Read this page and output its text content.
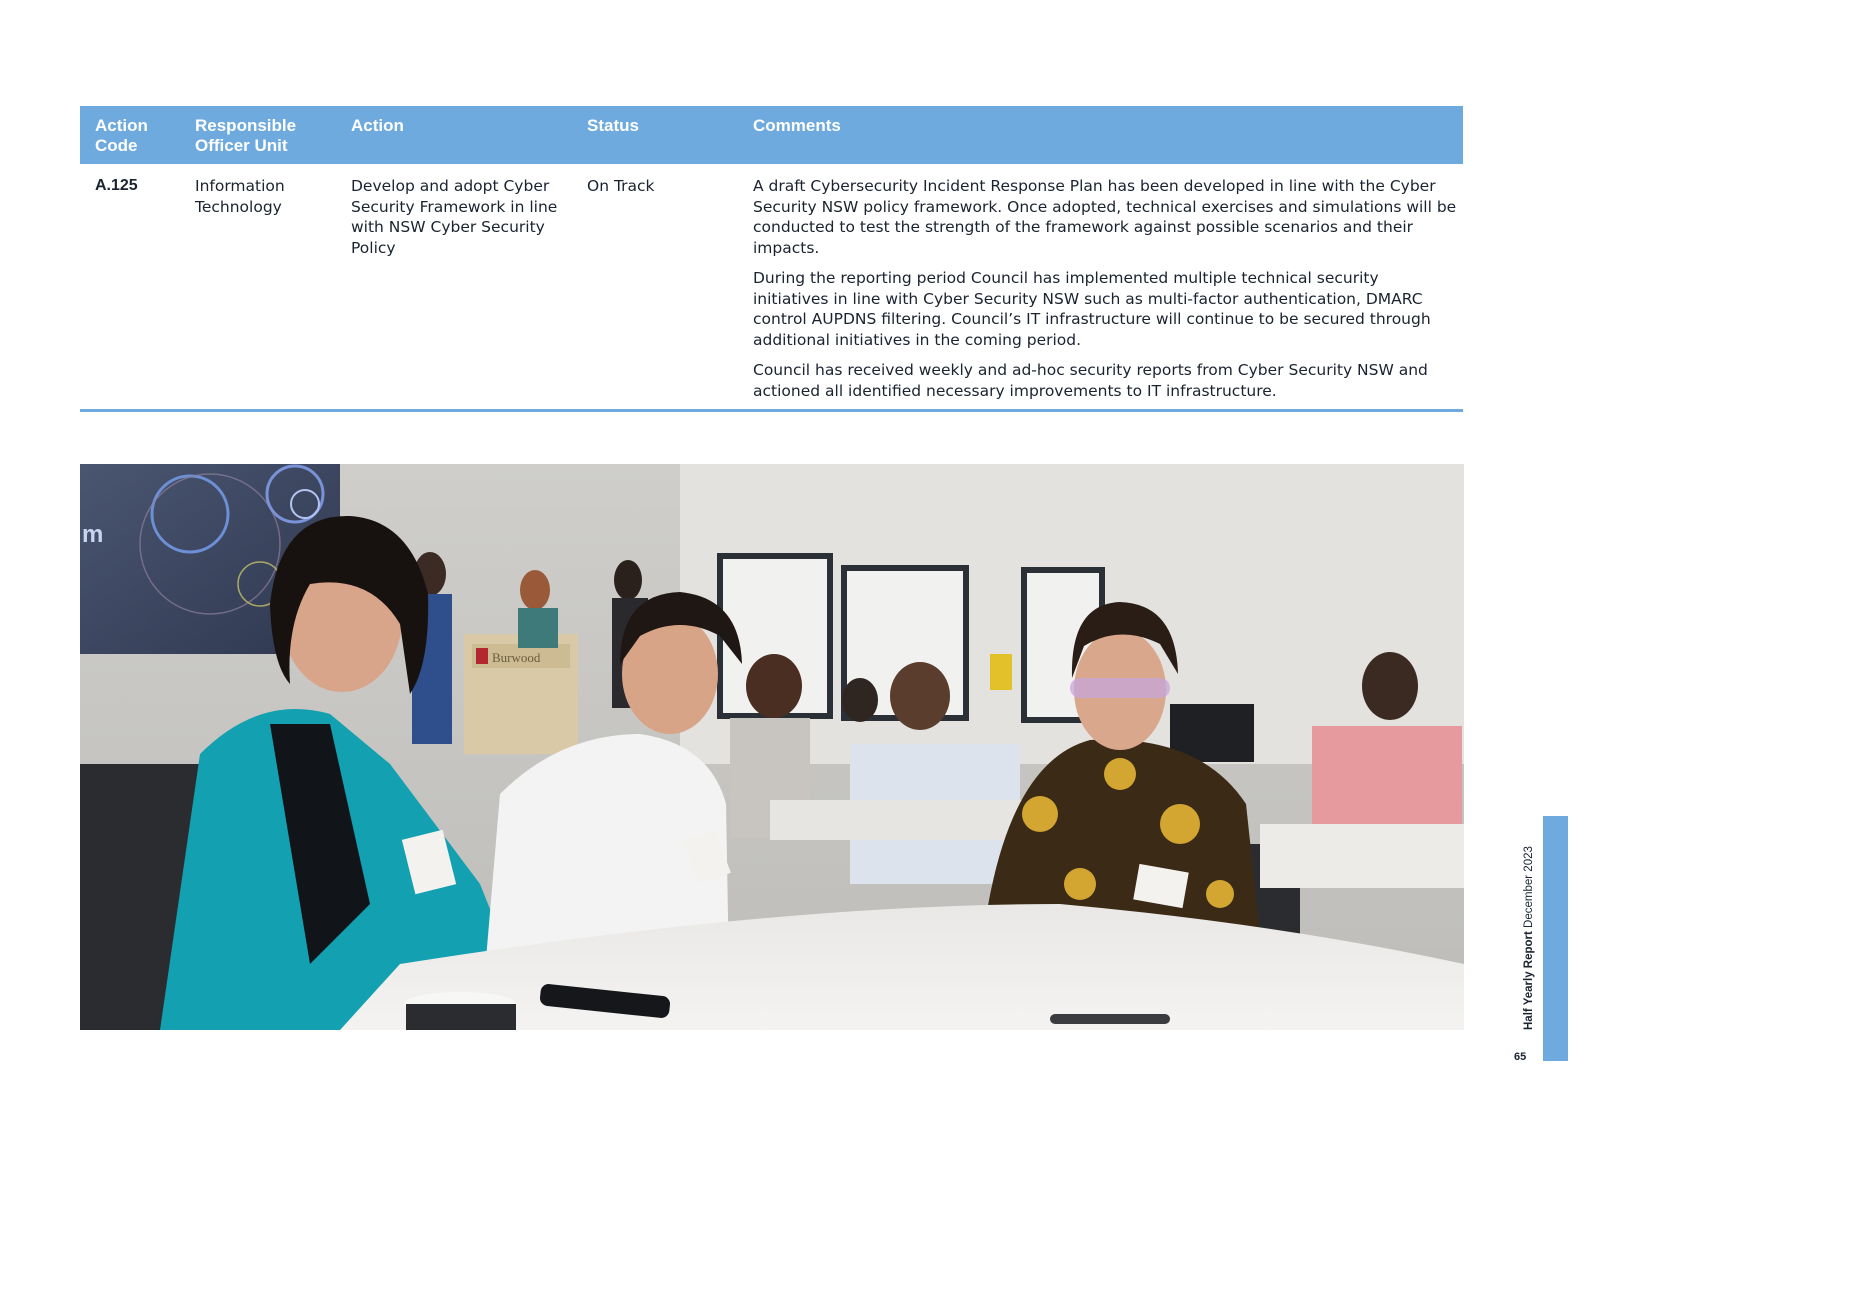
Action Code	Responsible Officer Unit	Action	Status	Comments
A.125	Information Technology	Develop and adopt Cyber Security Framework in line with NSW Cyber Security Policy	On Track	A draft Cybersecurity Incident Response Plan has been developed in line with the Cyber Security NSW policy framework. Once adopted, technical exercises and simulations will be conducted to test the strength of the framework against possible scenarios and their impacts.

During the reporting period Council has implemented multiple technical security initiatives in line with Cyber Security NSW such as multi-factor authentication, DMARC control AUPDNS filtering. Council’s IT infrastructure will continue to be secured through additional initiatives in the coming period.

Council has received weekly and ad-hoc security reports from Cyber Security NSW and actioned all identified necessary improvements to IT infrastructure.

m
Burwood
Half Yearly Report December 2023
65
